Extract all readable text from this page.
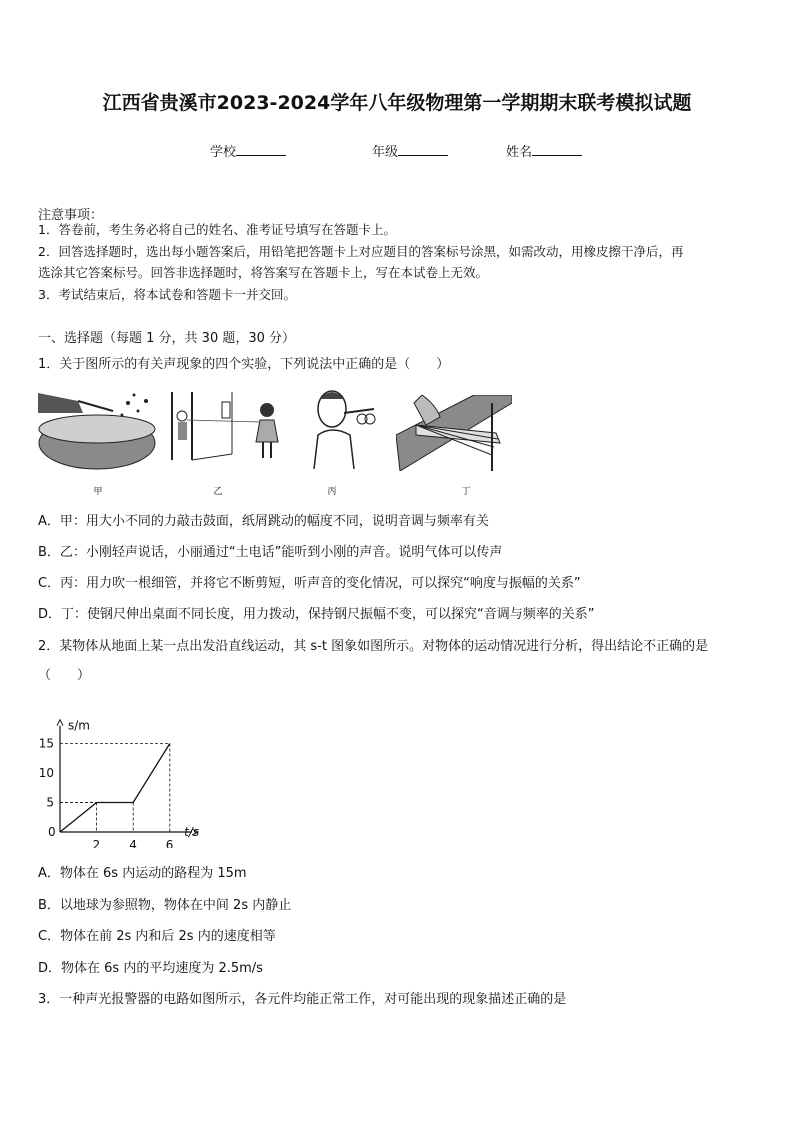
江西省贵溪市2023-2024学年八年级物理第一学期期末联考模拟试题
学校	年级	姓名
注意事项：
1．答卷前，考生务必将自己的姓名、准考证号填写在答题卡上。
2．回答选择题时，选出每小题答案后，用铅笔把答题卡上对应题目的答案标号涂黑，如需改动，用橡皮擦干净后，再
选涂其它答案标号。回答非选择题时，将答案写在答题卡上，写在本试卷上无效。
3．考试结束后，将本试卷和答题卡一并交回。
一、选择题（每题 1 分，共 30 题，30 分）
1．关于图所示的有关声现象的四个实验，下列说法中正确的是（　　）
甲	乙	丙	丁
A．甲：用大小不同的力敲击鼓面，纸屑跳动的幅度不同，说明音调与频率有关
B．乙：小刚轻声说话，小丽通过“土电话”能听到小刚的声音。说明气体可以传声
C．丙：用力吹一根细管，并将它不断剪短，听声音的变化情况，可以探究“响度与振幅的关系”
D．丁：使钢尺伸出桌面不同长度，用力拨动，保持钢尺振幅不变，可以探究“音调与频率的关系”
2．某物体从地面上某一点出发沿直线运动，其 s-t 图象如图所示。对物体的运动情况进行分析，得出结论不正确的是
（　　）
s/m
t/s
0
2 4 6
5
10
15
A．物体在 6s 内运动的路程为 15m
B．以地球为参照物，物体在中间 2s 内静止
C．物体在前 2s 内和后 2s 内的速度相等
D．物体在 6s 内的平均速度为 2.5m/s
3．一种声光报警器的电路如图所示，各元件均能正常工作，对可能出现的现象描述正确的是
